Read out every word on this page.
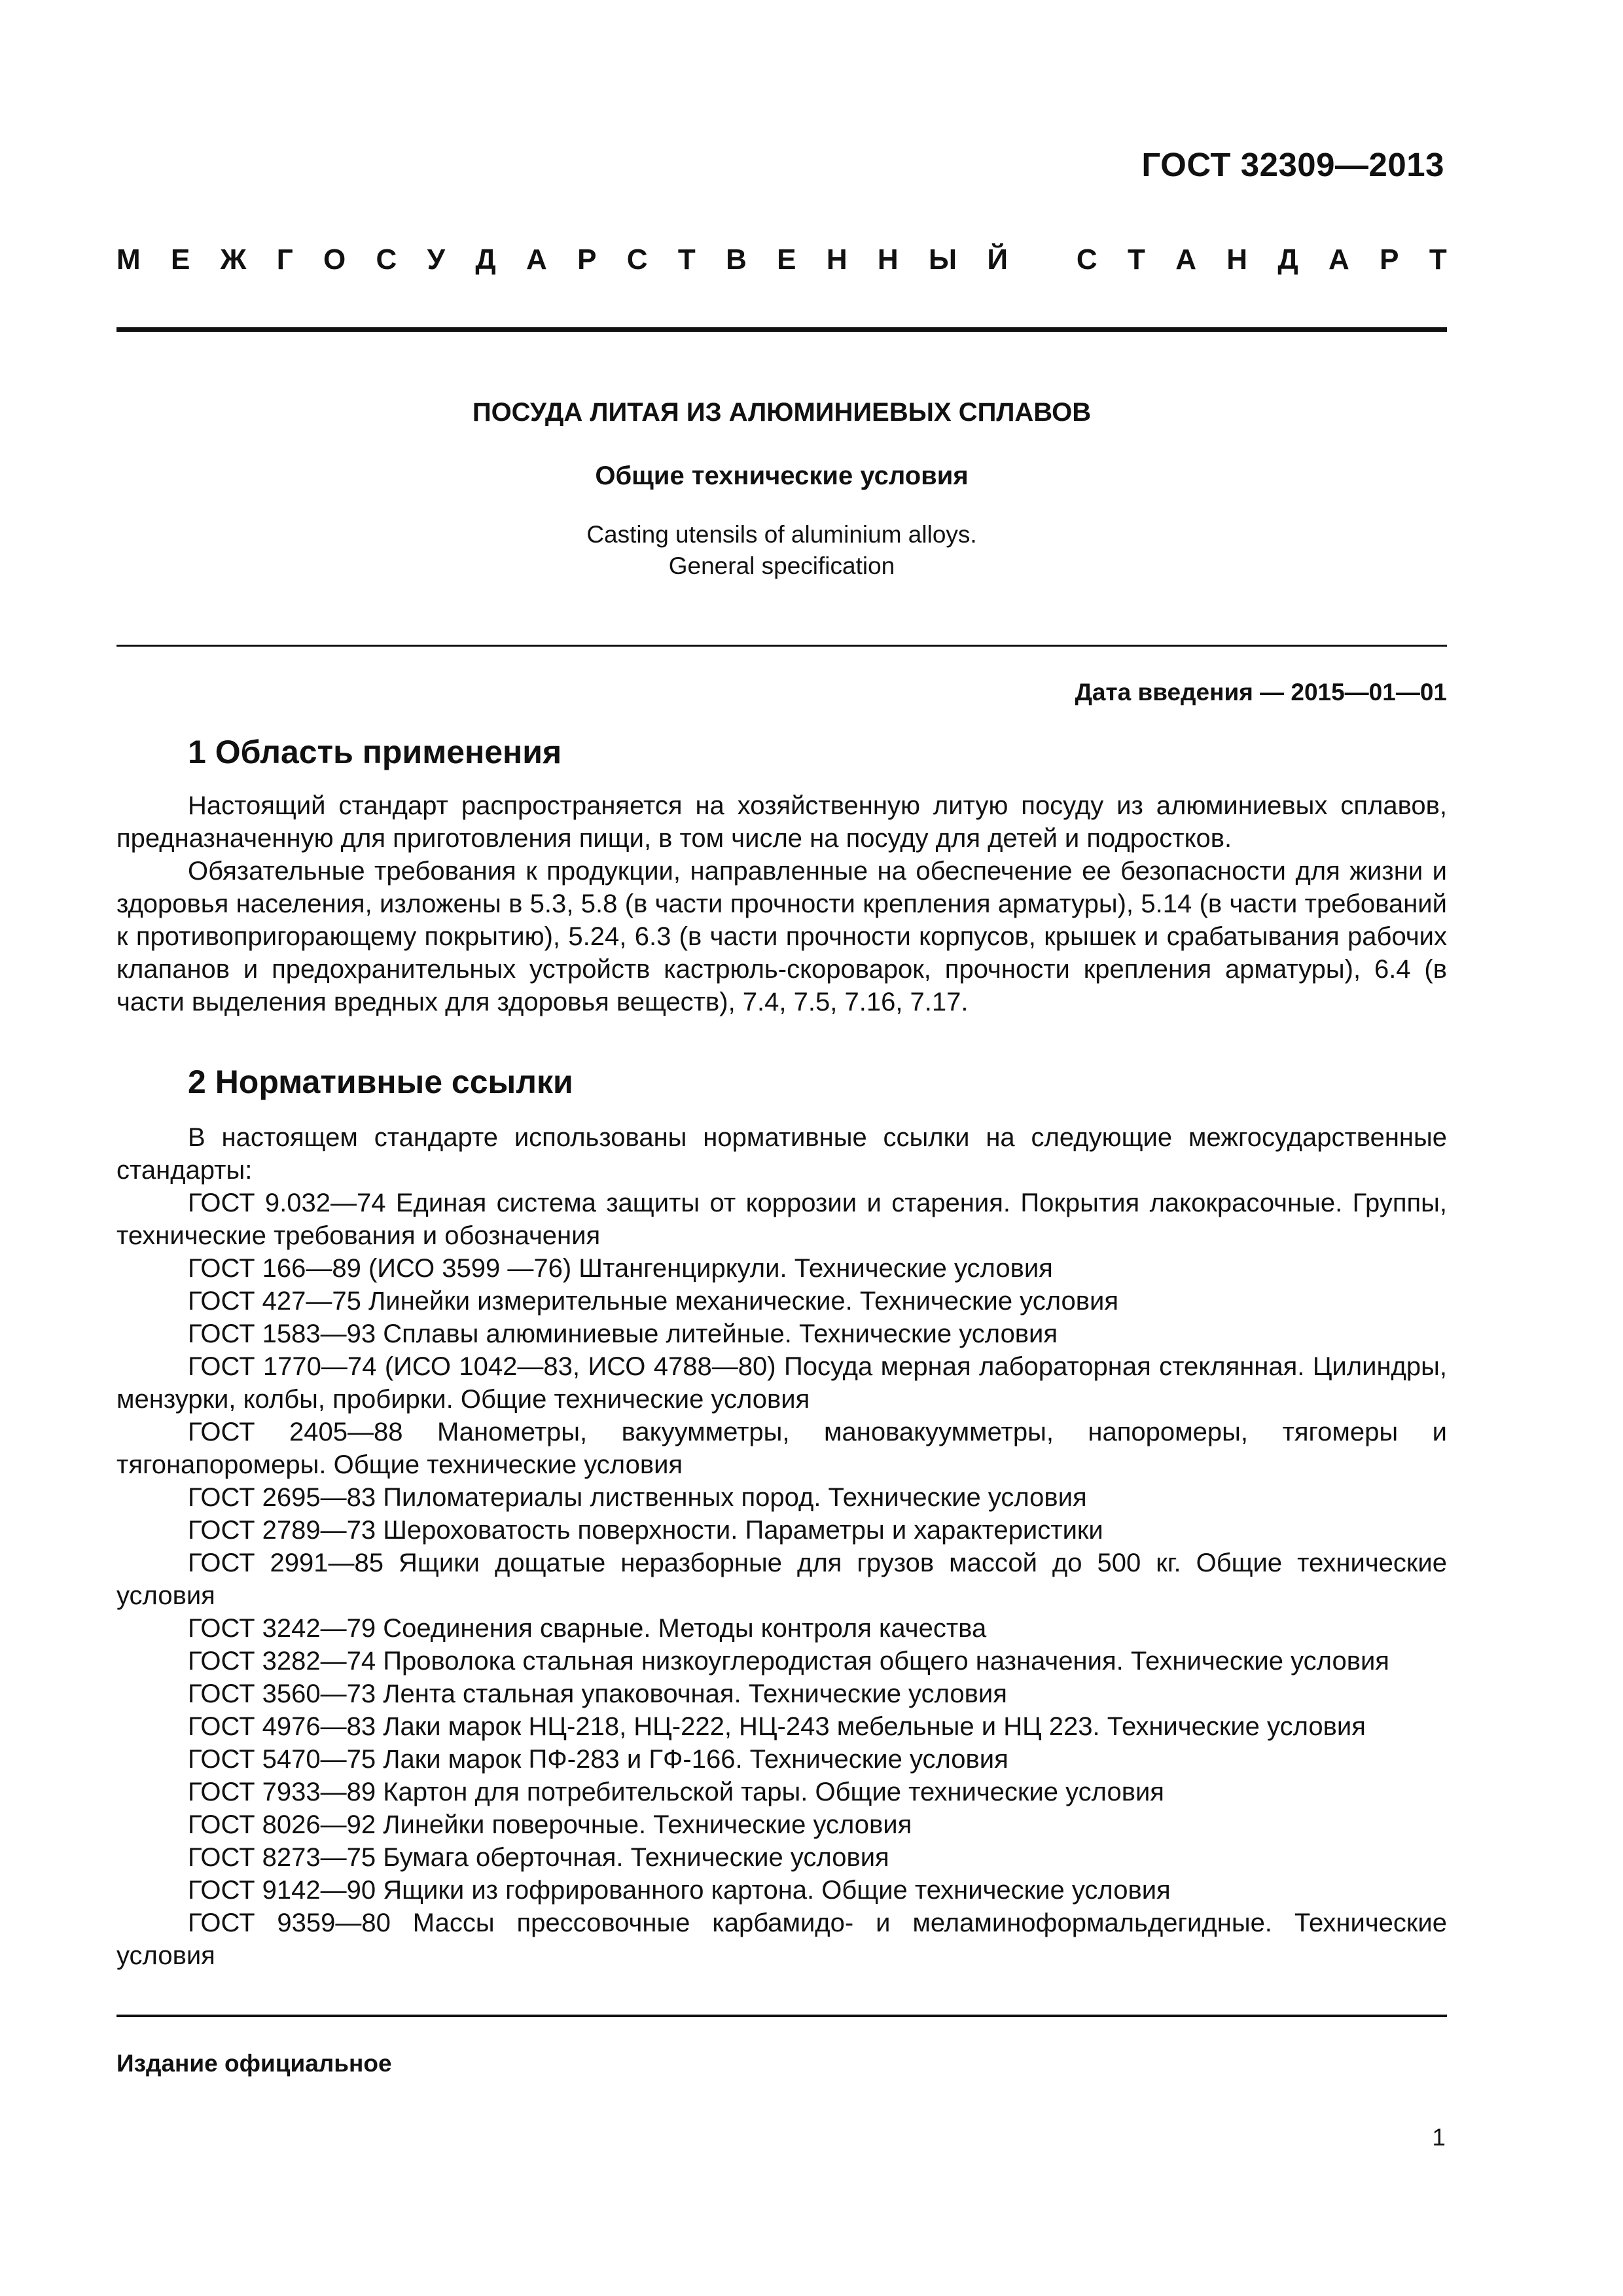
ГОСТ 32309—2013
М Е Ж Г О С У Д А Р С Т В Е Н Н Ы Й
С Т А Н Д А Р Т
ПОСУДА ЛИТАЯ ИЗ АЛЮМИНИЕВЫХ СПЛАВОВ
Общие технические условия
Casting utensils of aluminium alloys.
General specification
Дата введения — 2015—01—01
1 Область применения

Настоящий стандарт распространяется на хозяйственную литую посуду из алюминиевых сплавов, предназначенную для приготовления пищи, в том числе на посуду для детей и подростков.

Обязательные требования к продукции, направленные на обеспечение ее безопасности для жизни и здоровья населения, изложены в 5.3, 5.8 (в части прочности крепления арматуры), 5.14 (в части требований к противопригорающему покрытию), 5.24, 6.3 (в части прочности корпусов, крышек и срабатывания рабочих клапанов и предохранительных устройств кастрюль-скороварок, прочности крепления арматуры), 6.4 (в части выделения вредных для здоровья веществ), 7.4, 7.5, 7.16, 7.17.

2 Нормативные ссылки

В настоящем стандарте использованы нормативные ссылки на следующие межгосударственные стандарты:

ГОСТ 9.032—74 Единая система защиты от коррозии и старения. Покрытия лакокрасочные. Группы, технические требования и обозначения

ГОСТ 166—89 (ИСО 3599 —76) Штангенциркули. Технические условия

ГОСТ 427—75 Линейки измерительные механические. Технические условия

ГОСТ 1583—93 Сплавы алюминиевые литейные. Технические условия

ГОСТ 1770—74 (ИСО 1042—83, ИСО 4788—80) Посуда мерная лабораторная стеклянная. Цилиндры, мензурки, колбы, пробирки. Общие технические условия

ГОСТ 2405—88 Манометры, вакуумметры, мановакуумметры, напоромеры, тягомеры и тягонапоромеры. Общие технические условия

ГОСТ 2695—83 Пиломатериалы лиственных пород. Технические условия

ГОСТ 2789—73 Шероховатость поверхности. Параметры и характеристики

ГОСТ 2991—85 Ящики дощатые неразборные для грузов массой до 500 кг. Общие технические условия

ГОСТ 3242—79 Соединения сварные. Методы контроля качества

ГОСТ 3282—74 Проволока стальная низкоуглеродистая общего назначения. Технические условия

ГОСТ 3560—73 Лента стальная упаковочная. Технические условия

ГОСТ 4976—83 Лаки марок НЦ-218, НЦ-222, НЦ-243 мебельные и НЦ 223. Технические условия

ГОСТ 5470—75 Лаки марок ПФ-283 и ГФ-166. Технические условия

ГОСТ 7933—89 Картон для потребительской тары. Общие технические условия

ГОСТ 8026—92 Линейки поверочные. Технические условия

ГОСТ 8273—75 Бумага оберточная. Технические условия

ГОСТ 9142—90 Ящики из гофрированного картона. Общие технические условия

ГОСТ 9359—80 Массы прессовочные карбамидо- и меламиноформальдегидные. Технические условия

Издание официальное
1
